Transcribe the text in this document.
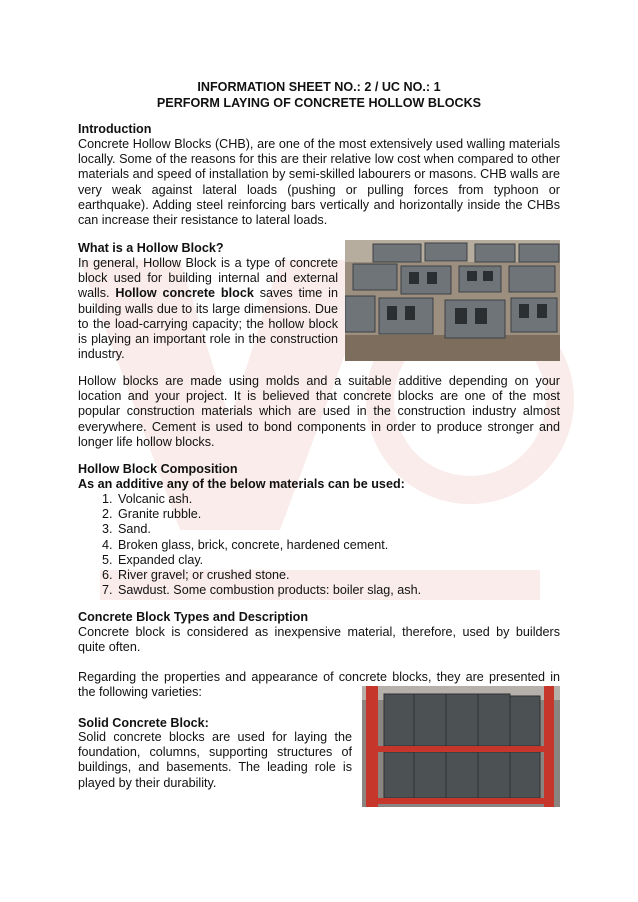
INFORMATION SHEET NO.: 2 / UC NO.: 1
PERFORM LAYING OF CONCRETE HOLLOW BLOCKS
Introduction

Concrete Hollow Blocks (CHB), are one of the most extensively used walling materials locally. Some of the reasons for this are their relative low cost when compared to other materials and speed of installation by semi-skilled labourers or masons. CHB walls are very weak against lateral loads (pushing or pulling forces from typhoon or earthquake). Adding steel reinforcing bars vertically and horizontally inside the CHBs can increase their resistance to lateral loads.

What is a Hollow Block?

In general, Hollow Block is a type of concrete block used for building internal and external walls. Hollow concrete block saves time in building walls due to its large dimensions. Due to the load-carrying capacity; the hollow block is playing an important role in the construction industry.

Hollow blocks are made using molds and a suitable additive depending on your location and your project. It is believed that concrete blocks are one of the most popular construction materials which are used in the construction industry almost everywhere. Cement is used to bond components in order to produce stronger and longer life hollow blocks.

Hollow Block Composition
As an additive any of the below materials can be used:
1. Volcanic ash.
2. Granite rubble.
3. Sand.
4. Broken glass, brick, concrete, hardened cement.
5. Expanded clay.
6. River gravel; or crushed stone.
7. Sawdust. Some combustion products: boiler slag, ash.
Concrete Block Types and Description

Concrete block is considered as inexpensive material, therefore, used by builders quite often.

Regarding the properties and appearance of concrete blocks, they are presented in the following varieties:

Solid Concrete Block:

Solid concrete blocks are used for laying the foundation, columns, supporting structures of buildings, and basements. The leading role is played by their durability.
